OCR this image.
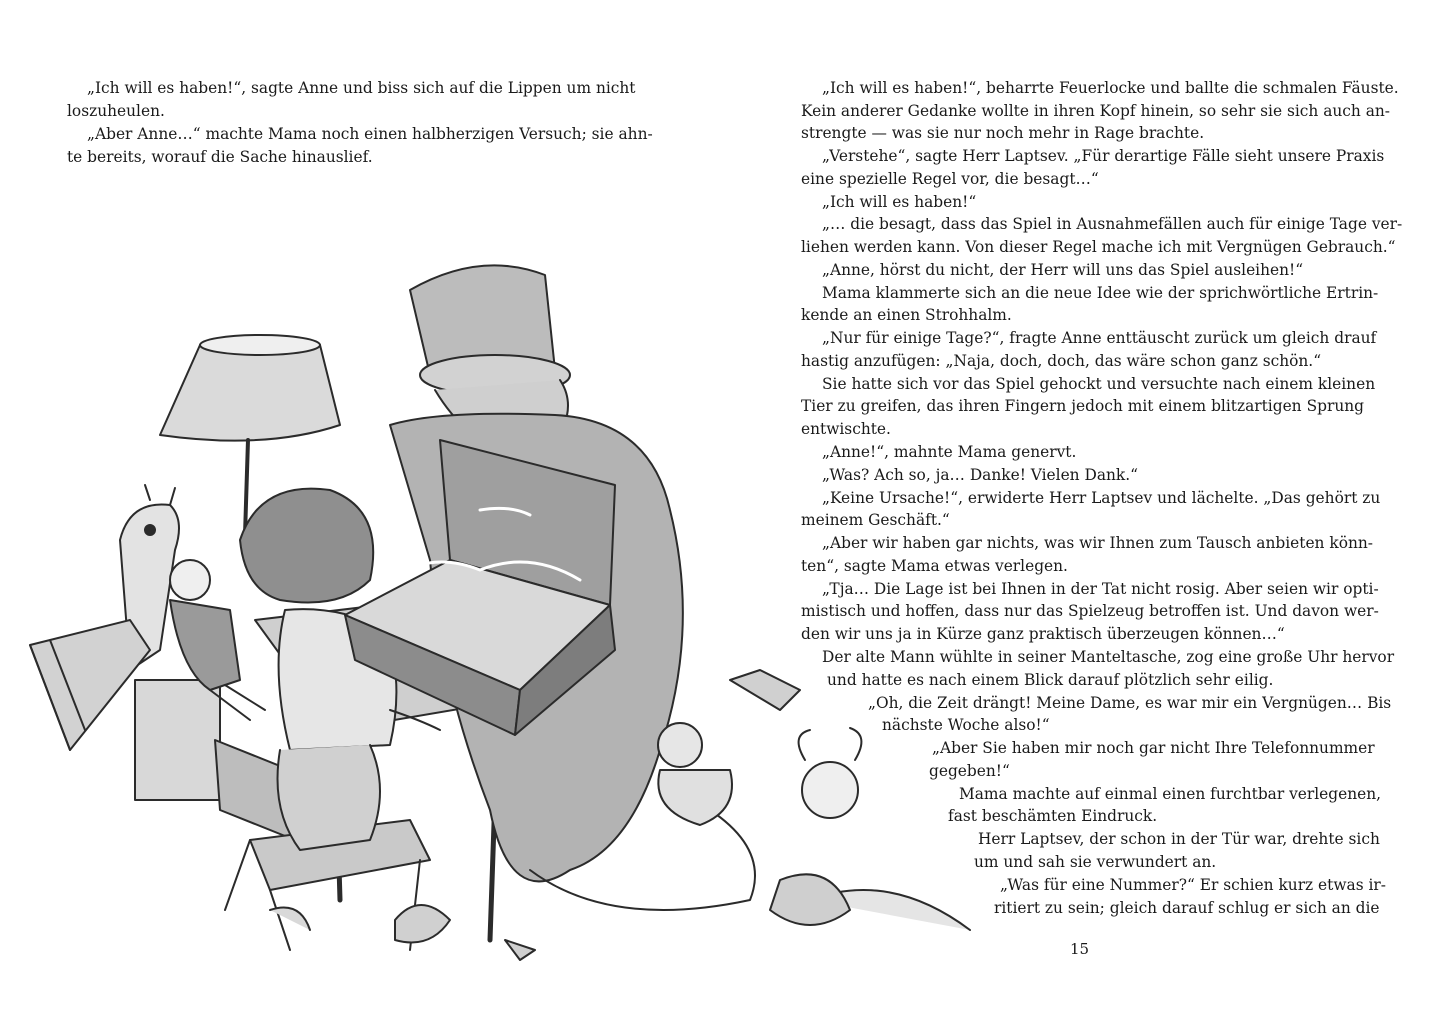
„Ich will es haben!“, sagte Anne und biss sich auf die Lippen um nicht
loszuheulen.
„Aber Anne…“ machte Mama noch einen halbherzigen Versuch; sie ahn-
te bereits, worauf die Sache hinauslief.
„Ich will es haben!“, beharrte Feuerlocke und ballte die schmalen Fäuste.
Kein anderer Gedanke wollte in ihren Kopf hinein, so sehr sie sich auch an-
strengte — was sie nur noch mehr in Rage brachte.
„Verstehe“, sagte Herr Laptsev. „Für derartige Fälle sieht unsere Praxis
eine spezielle Regel vor, die besagt…“
„Ich will es haben!“
„… die besagt, dass das Spiel in Ausnahmefällen auch für einige Tage ver-
liehen werden kann. Von dieser Regel mache ich mit Vergnügen Gebrauch.“
„Anne, hörst du nicht, der Herr will uns das Spiel ausleihen!“
Mama klammerte sich an die neue Idee wie der sprichwörtliche Ertrin-
kende an einen Strohhalm.
„Nur für einige Tage?“, fragte Anne enttäuscht zurück um gleich drauf
hastig anzufügen: „Naja, doch, doch, das wäre schon ganz schön.“
Sie hatte sich vor das Spiel gehockt und versuchte nach einem kleinen
Tier zu greifen, das ihren Fingern jedoch mit einem blitzartigen Sprung
entwischte.
„Anne!“, mahnte Mama genervt.
„Was? Ach so, ja… Danke! Vielen Dank.“
„Keine Ursache!“, erwiderte Herr Laptsev und lächelte. „Das gehört zu
meinem Geschäft.“
„Aber wir haben gar nichts, was wir Ihnen zum Tausch anbieten könn-
ten“, sagte Mama etwas verlegen.
„Tja… Die Lage ist bei Ihnen in der Tat nicht rosig. Aber seien wir opti-
mistisch und hoffen, dass nur das Spielzeug betroffen ist. Und davon wer-
den wir uns ja in Kürze ganz praktisch überzeugen können…“
Der alte Mann wühlte in seiner Manteltasche, zog eine große Uhr hervor
und hatte es nach einem Blick darauf plötzlich sehr eilig.
„Oh, die Zeit drängt! Meine Dame, es war mir ein Vergnügen… Bis
nächste Woche also!“
„Aber Sie haben mir noch gar nicht Ihre Telefonnummer
gegeben!“
Mama machte auf einmal einen furchtbar verlegenen,
fast beschämten Eindruck.
Herr Laptsev, der schon in der Tür war, drehte sich
um und sah sie verwundert an.
„Was für eine Nummer?“ Er schien kurz etwas ir-
ritiert zu sein; gleich darauf schlug er sich an die
15
